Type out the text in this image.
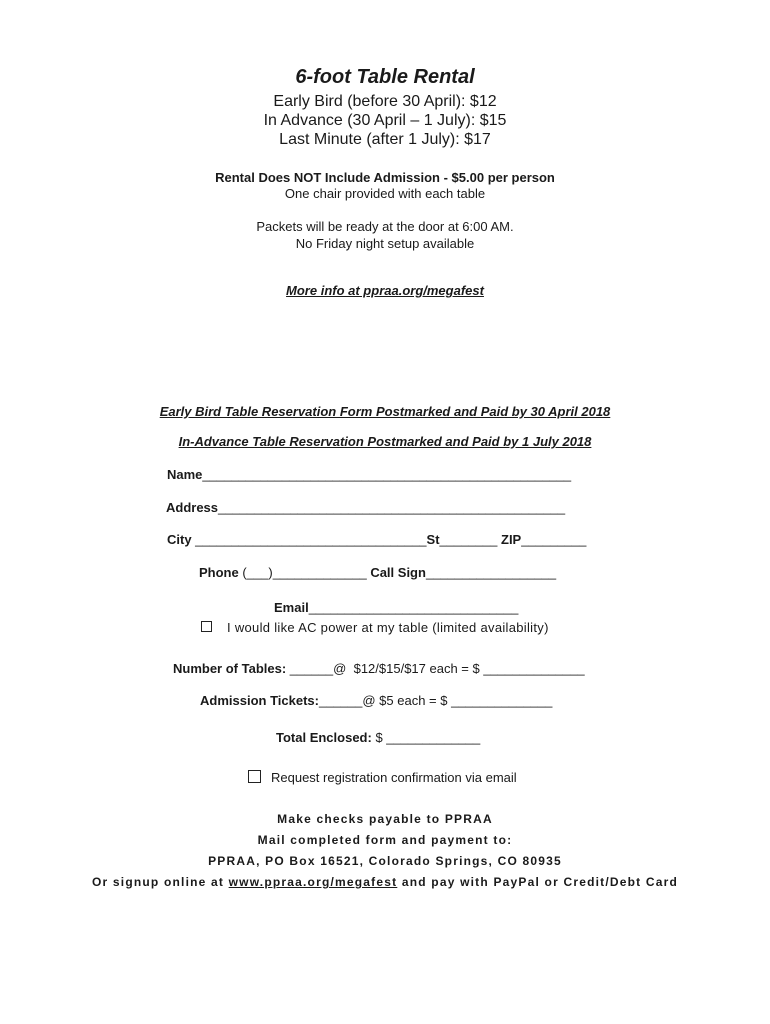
6-foot Table Rental
Early Bird (before 30 April): $12
In Advance (30 April – 1 July): $15
Last Minute (after 1 July): $17
Rental Does NOT Include Admission - $5.00 per person
One chair provided with each table
Packets will be ready at the door at 6:00 AM.
No Friday night setup available
More info at ppraa.org/megafest
Early Bird Table Reservation Form Postmarked and Paid by 30 April 2018
In-Advance Table Reservation Postmarked and Paid by 1 July 2018
Name___________________________________________________
Address________________________________________________
City ________________________________St________ ZIP_________
Phone (___)_____________ Call Sign__________________
Email_____________________________
I would like AC power at my table (limited availability)
Number of Tables: ______@  $12/$15/$17 each = $ ______________
Admission Tickets:______@ $5 each = $ ______________
Total Enclosed: $ _____________
Request registration confirmation via email
Make checks payable to PPRAA
Mail completed form and payment to:
PPRAA, PO Box 16521, Colorado Springs, CO 80935
Or signup online at www.ppraa.org/megafest and pay with PayPal or Credit/Debt Card
